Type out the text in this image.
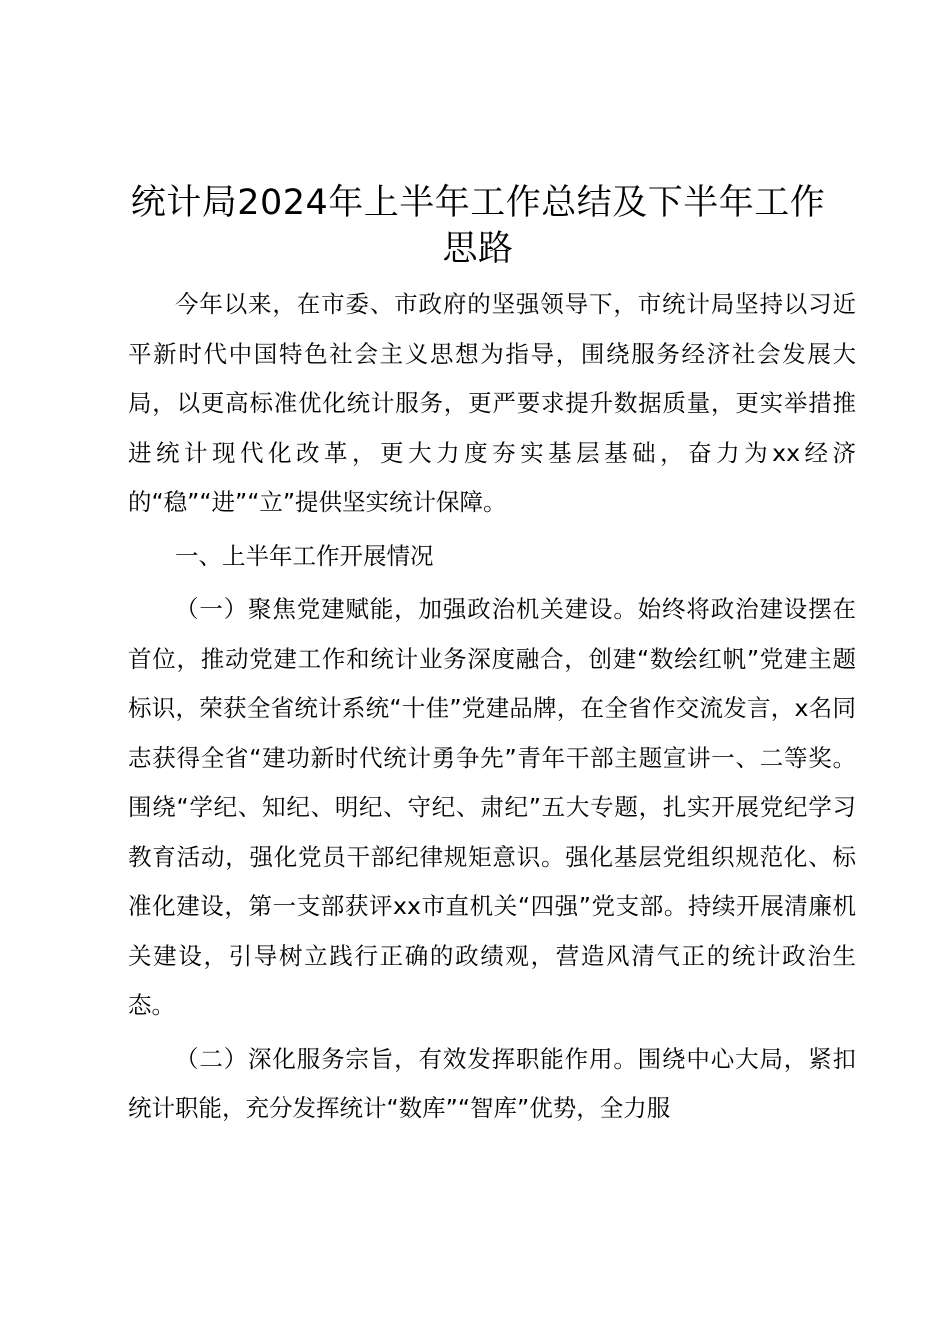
统计局2024年上半年工作总结及下半年工作
思路

今年以来，在市委、市政府的坚强领导下，市统计局坚持以习近平新时代中国特色社会主义思想为指导，围绕服务经济社会发展大局，以更高标准优化统计服务，更严要求提升数据质量，更实举措推进统计现代化改革，更大力度夯实基层基础，奋力为xx经济的“稳”“进”“立”提供坚实统计保障。

一、上半年工作开展情况

（一）聚焦党建赋能，加强政治机关建设。始终将政治建设摆在首位，推动党建工作和统计业务深度融合，创建“数绘红帆”党建主题标识，荣获全省统计系统“十佳”党建品牌，在全省作交流发言，x名同志获得全省“建功新时代统计勇争先”青年干部主题宣讲一、二等奖。围绕“学纪、知纪、明纪、守纪、肃纪”五大专题，扎实开展党纪学习教育活动，强化党员干部纪律规矩意识。强化基层党组织规范化、标准化建设，第一支部获评xx市直机关“四强”党支部。持续开展清廉机关建设，引导树立践行正确的政绩观，营造风清气正的统计政治生态。

（二）深化服务宗旨，有效发挥职能作用。围绕中心大局，紧扣统计职能，充分发挥统计“数库”“智库”优势，全力服
